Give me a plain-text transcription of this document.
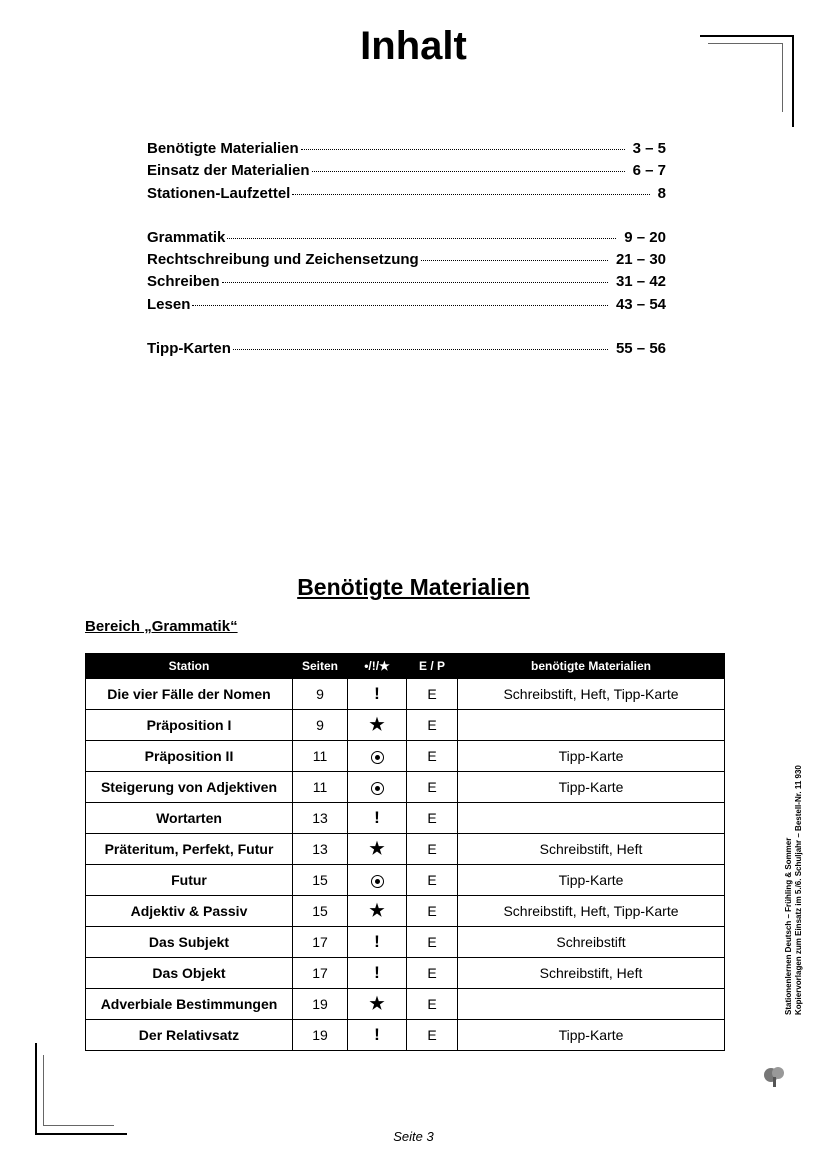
Inhalt
Benötigte Materialien	3 – 5
Einsatz der Materialien	6 – 7
Stationen-Laufzettel	8
Grammatik	9 – 20
Rechtschreibung und Zeichensetzung	21 – 30
Schreiben	31 – 42
Lesen	43 – 54
Tipp-Karten	55 – 56
Benötigte Materialien
Bereich „Grammatik“
Station	Seiten	•/!/★	E / P	benötigte Materialien
Die vier Fälle der Nomen	9	!	E	Schreibstift, Heft, Tipp-Karte
Präposition I	9	★	E	
Präposition II	11		E	Tipp-Karte
Steigerung von Adjektiven	11		E	Tipp-Karte
Wortarten	13	!	E	
Präteritum, Perfekt, Futur	13	★	E	Schreibstift, Heft
Futur	15		E	Tipp-Karte
Adjektiv & Passiv	15	★	E	Schreibstift, Heft, Tipp-Karte
Das Subjekt	17	!	E	Schreibstift
Das Objekt	17	!	E	Schreibstift, Heft
Adverbiale Bestimmungen	19	★	E	
Der Relativsatz	19	!	E	Tipp-Karte
Stationenlernen Deutsch – Frühling & Sommer Kopiervorlagen zum Einsatz im 5./6. Schuljahr – Bestell-Nr. 11 930
Seite 3
